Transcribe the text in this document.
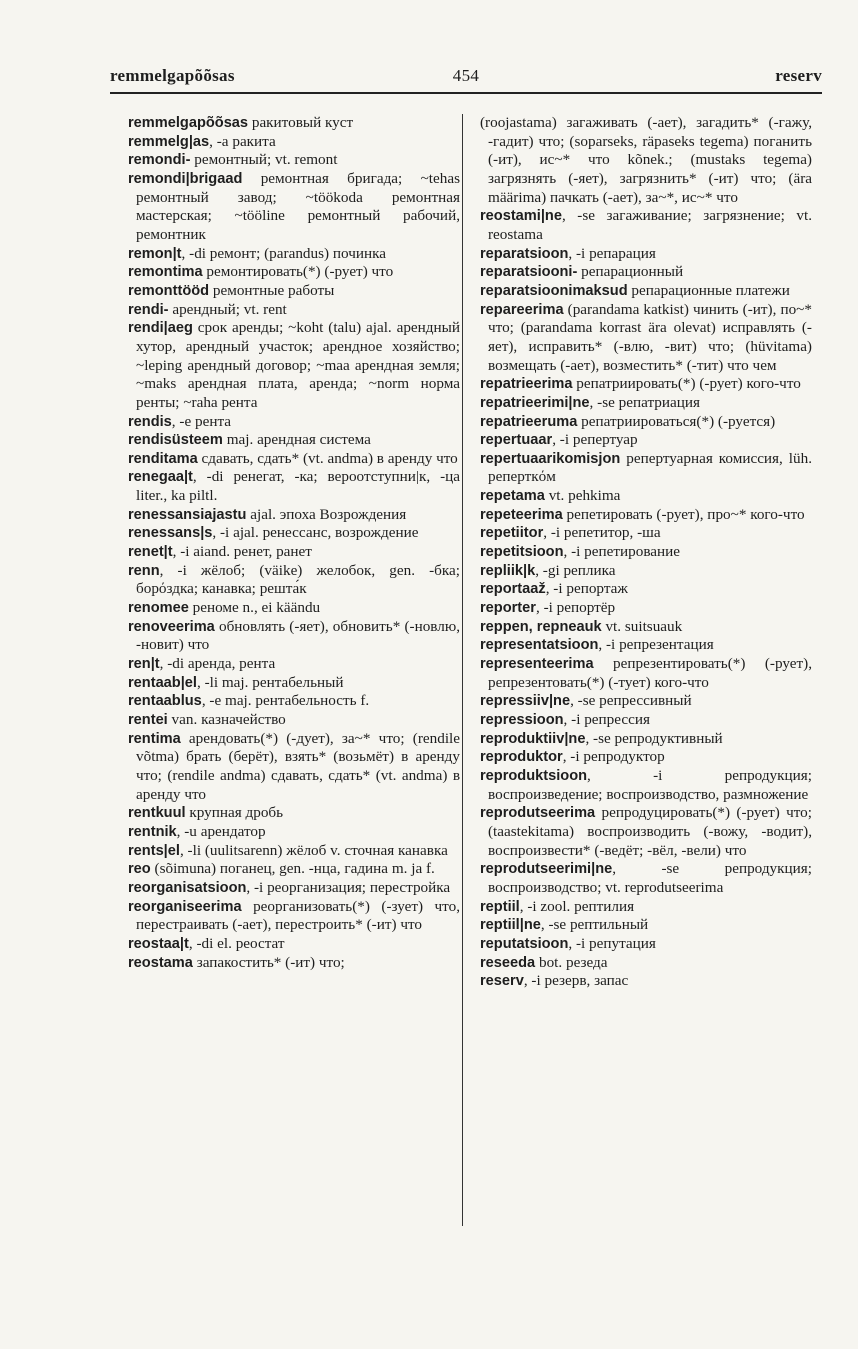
454
remmelgapõõsas	reserv

remmelgapõõsas ракитовый куст

remmelg|as, -a ракита

remondi- ремонтный; vt. remont

remondi|brigaad ремонтная бригада; ~tehas ремонтный завод; ~töökoda ремонтная мастерская; ~tööline ремонтный рабочий, ремонтник

remon|t, -di ремонт; (parandus) починка

remontima ремонтировать(*) (-рует) что

remonttööd ремонтные работы

rendi- арендный; vt. rent

rendi|aeg срок аренды; ~koht (talu) ajal. арендный хутор, арендный участок; арендное хозяйство; ~leping арендный договор; ~maa арендная земля; ~maks арендная плата, аренда; ~norm норма ренты; ~raha рента

rendis, -e рента

rendisüsteem maj. арендная система

renditama сдавать, сдать* (vt. andma) в аренду что

renegaa|t, -di ренегат, -ка; вероотступни|к, -ца liter., ka piltl.

renessansiajastu ajal. эпоха Возрождения

renessans|s, -i ajal. ренессанс, возрождение

renet|t, -i aiand. ренет, ранет

renn, -i жёлоб; (väike) желобок, gen. -бка; борόздка; канавка; решта́к

renomee реноме n., ei käändu

renoveerima обновлять (-яет), обновить* (-новлю, -новит) что

ren|t, -di аренда, рента

rentaab|el, -li maj. рентабельный

rentaablus, -e maj. рентабельность f.

rentei van. казначейство

rentima арендовать(*) (-дует), за~* что; (rendile võtma) брать (берёт), взять* (возьмёт) в аренду что; (rendile andma) сдавать, сдать* (vt. andma) в аренду что

rentkuul крупная дробь

rentnik, -u арендатор

rents|el, -li (uulitsarenn) жёлоб v. сточная канавка

reo (sõimuna) поганец, gen. -нца, гадина m. ja f.

reorganisatsioon, -i реорганизация; перестройка

reorganiseerima реорганизовать(*) (-зует) что, перестраивать (-ает), перестроить* (-ит) что

reostaa|t, -di el. реостат

reostama запакостить* (-ит) что;

(roojastama) загаживать (-ает), загадить* (-гажу, -гадит) что; (soparseks, räpaseks tegema) поганить (-ит), ис~* что kõnek.; (mustaks tegema) загрязнять (-яет), загрязнить* (-ит) что; (ära määrima) пачкать (-ает), за~*, ис~* что

reostami|ne, -se загаживание; загрязнение; vt. reostama

reparatsioon, -i репарация

reparatsiooni- репарационный

reparatsioonimaksud репарационные платежи

repareerima (parandama katkist) чинить (-ит), по~* что; (parandama korrast ära olevat) исправлять (-яет), исправить* (-влю, -вит) что; (hüvitama) возмещать (-ает), возместить* (-тит) что чем

repatrieerima репатриировать(*) (-рует) кого-что

repatrieerimi|ne, -se репатриация

repatrieeruma репатриироваться(*) (-руется)

repertuaar, -i репертуар

repertuaarikomisjon репертуарная комиссия, lüh. реперткόм

repetama vt. pehkima

repeteerima репетировать (-рует), про~* кого-что

repetiitor, -i репетитор, -ша

repetitsioon, -i репетирование

repliik|k, -gi реплика

reportaaž, -i репортаж

reporter, -i репортёр

reppen, repneauk vt. suitsuauk

representatsioon, -i репрезентация

representeerima репрезентировать(*) (-рует), репрезентовать(*) (-тует) кого-что

repressiiv|ne, -se репрессивный

repressioon, -i репрессия

reproduktiiv|ne, -se репродуктивный

reproduktor, -i репродуктор

reproduktsioon, -i репродукция; воспроизведение; воспроизводство, размножение

reprodutseerima репродуцировать(*) (-рует) что; (taastekitama) воспроизводить (-вожу, -водит), воспроизвести* (-ведёт; -вёл, -вели) что

reprodutseerimi|ne, -se репродукция; воспроизводство; vt. reprodutseerima

reptiil, -i zool. рептилия

reptiil|ne, -se рептильный

reputatsioon, -i репутация

reseeda bot. резеда

reserv, -i резерв, запас
